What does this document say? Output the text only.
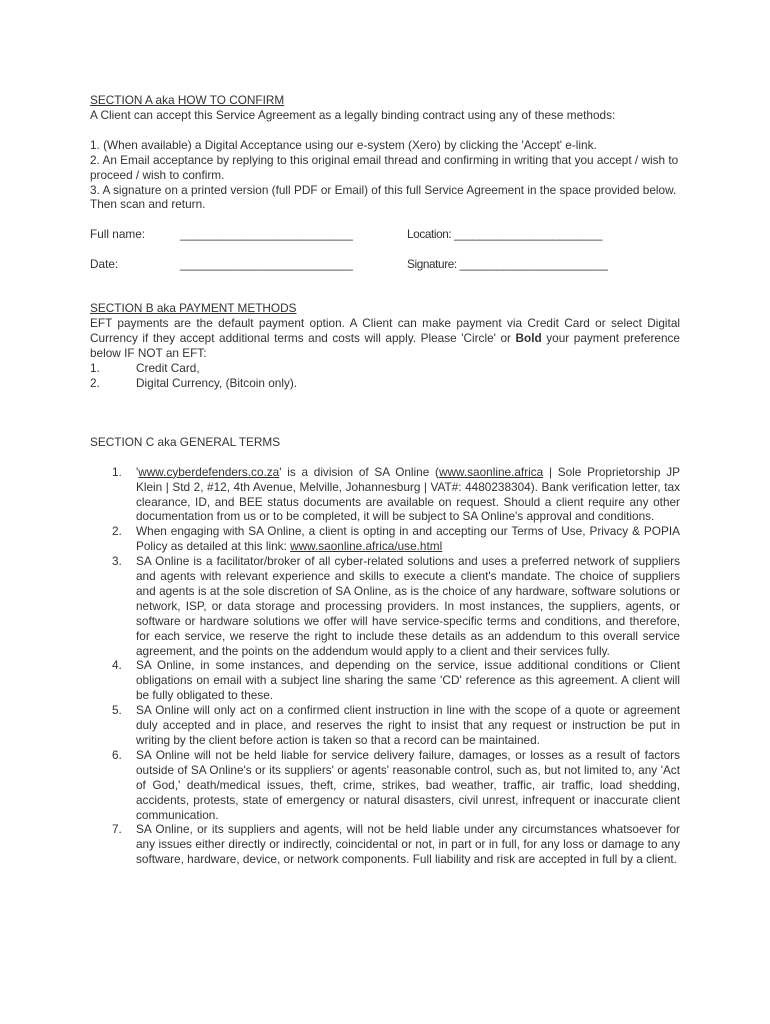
SECTION A aka HOW TO CONFIRM

A Client can accept this Service Agreement as a legally binding contract using any of these methods:

1. (When available) a Digital Acceptance using our e-system (Xero) by clicking the 'Accept' e-link.

2. An Email acceptance by replying to this original email thread and confirming in writing that you accept / wish to proceed / wish to confirm.

3. A signature on a printed version (full PDF or Email) of this full Service Agreement in the space provided below. Then scan and return.

Full name:	____________________________	Location: ________________________
Date:	____________________________	Signature: ________________________

SECTION B aka PAYMENT METHODS

EFT payments are the default payment option. A Client can make payment via Credit Card or select Digital Currency if they accept additional terms and costs will apply. Please 'Circle' or Bold your payment preference below IF NOT an EFT:

1.	Credit Card,
2.	Digital Currency, (Bitcoin only).

SECTION C aka GENERAL TERMS

1.	'www.cyberdefenders.co.za' is a division of SA Online (www.saonline.africa | Sole Proprietorship JP Klein | Std 2, #12, 4th Avenue, Melville, Johannesburg | VAT#: 4480238304). Bank verification letter, tax clearance, ID, and BEE status documents are available on request. Should a client require any other documentation from us or to be completed, it will be subject to SA Online's approval and conditions.
2.	When engaging with SA Online, a client is opting in and accepting our Terms of Use, Privacy & POPIA Policy as detailed at this link: www.saonline.africa/use.html
3.	SA Online is a facilitator/broker of all cyber-related solutions and uses a preferred network of suppliers and agents with relevant experience and skills to execute a client's mandate. The choice of suppliers and agents is at the sole discretion of SA Online, as is the choice of any hardware, software solutions or network, ISP, or data storage and processing providers. In most instances, the suppliers, agents, or software or hardware solutions we offer will have service-specific terms and conditions, and therefore, for each service, we reserve the right to include these details as an addendum to this overall service agreement, and the points on the addendum would apply to a client and their services fully.
4.	SA Online, in some instances, and depending on the service, issue additional conditions or Client obligations on email with a subject line sharing the same 'CD' reference as this agreement. A client will be fully obligated to these.
5.	SA Online will only act on a confirmed client instruction in line with the scope of a quote or agreement duly accepted and in place, and reserves the right to insist that any request or instruction be put in writing by the client before action is taken so that a record can be maintained.
6.	SA Online will not be held liable for service delivery failure, damages, or losses as a result of factors outside of SA Online's or its suppliers' or agents' reasonable control, such as, but not limited to, any 'Act of God,' death/medical issues, theft, crime, strikes, bad weather, traffic, air traffic, load shedding, accidents, protests, state of emergency or natural disasters, civil unrest, infrequent or inaccurate client communication.
7.	SA Online, or its suppliers and agents, will not be held liable under any circumstances whatsoever for any issues either directly or indirectly, coincidental or not, in part or in full, for any loss or damage to any software, hardware, device, or network components. Full liability and risk are accepted in full by a client.
